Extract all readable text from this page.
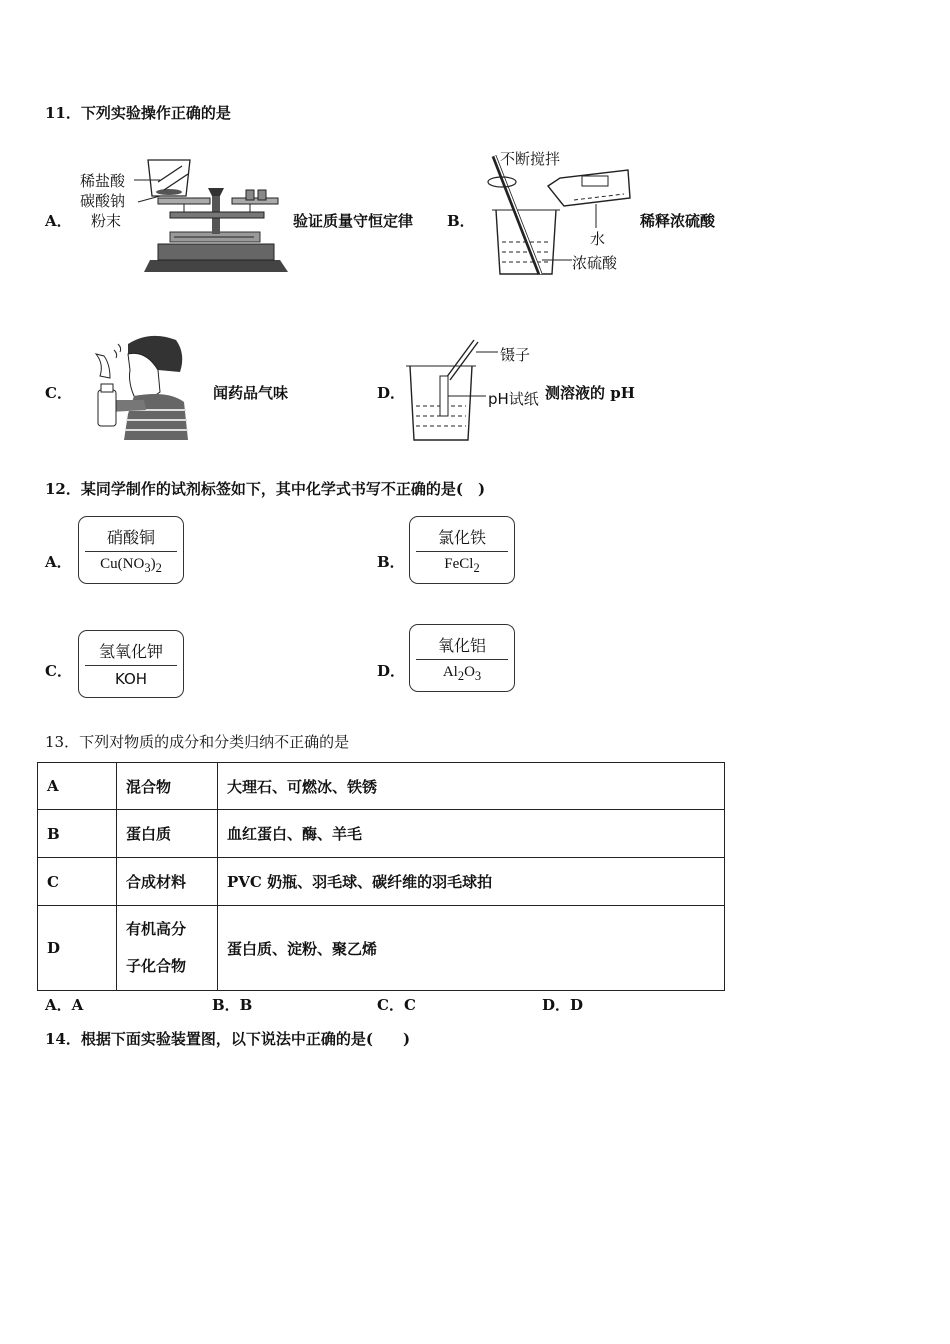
11．下列实验操作正确的是
A．
稀盐酸
碳酸钠
粉末	验证质量守恒定律 B．
不断搅拌
水
浓硫酸
稀释浓硫酸
C．	闻药品气味	D．
镊子
pH试纸 测溶液的 pH
12．某同学制作的试剂标签如下，其中化学式书写不正确的是(　)
A．
硝酸铜
$Cu(NO_3)_2$	B．
氯化铁
FeCl$_2$
C．
氢氧化钾
KOH	D．
氧化铝
$Al_2O_3$
13．下列对物质的成分和分类归纳不正确的是
A	混合物	大理石、可燃冰、铁锈
B	蛋白质	血红蛋白、酶、羊毛
C	合成材料	PVC 奶瓶、羽毛球、碳纤维的羽毛球拍
D	有机高分
子化合物	蛋白质、淀粉、聚乙烯
A．A	B．B	C．C	D．D
14．根据下面实验装置图，以下说法中正确的是(　　)
